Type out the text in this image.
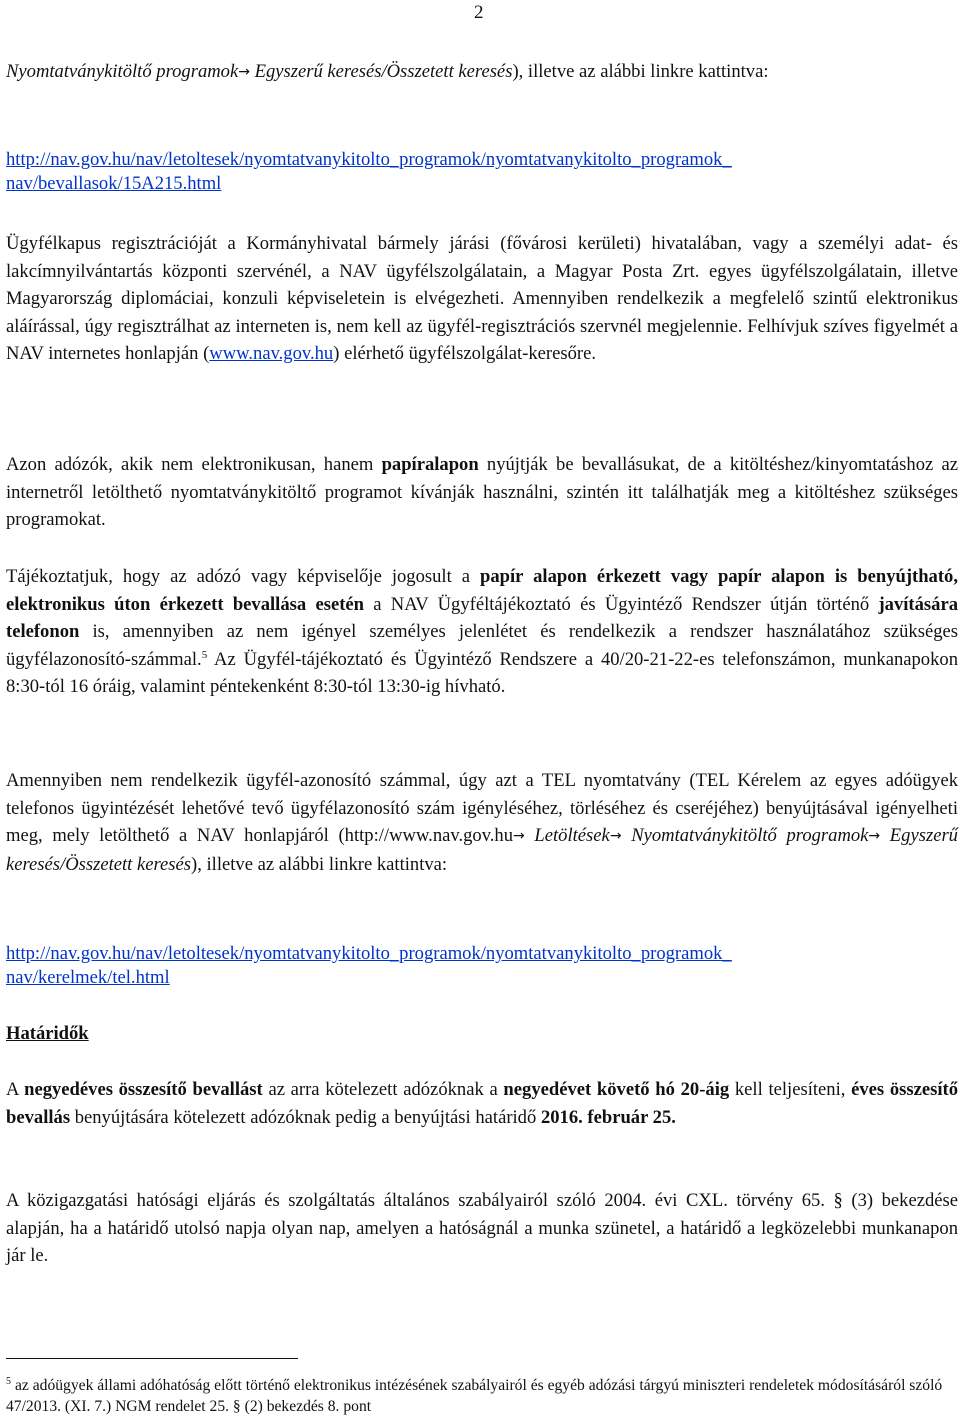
2

Nyomtatványkitöltő programok→ Egyszerű keresés/Összetett keresés), illetve az alábbi linkre kattintva:

http://nav.gov.hu/nav/letoltesek/nyomtatvanykitolto_programok/nyomtatvanykitolto_programok_
nav/bevallasok/15A215.html

Ügyfélkapus regisztrációját a Kormányhivatal bármely járási (fővárosi kerületi) hivatalában, vagy a személyi adat- és lakcímnyilvántartás központi szervénél, a NAV ügyfélszolgálatain, a Magyar Posta Zrt. egyes ügyfélszolgálatain, illetve Magyarország diplomáciai, konzuli képviseletein is elvégezheti. Amennyiben rendelkezik a megfelelő szintű elektronikus aláírással, úgy regisztrálhat az interneten is, nem kell az ügyfél-regisztrációs szervnél megjelennie. Felhívjuk szíves figyelmét a NAV internetes honlapján (www.nav.gov.hu) elérhető ügyfélszolgálat-keresőre.

Azon adózók, akik nem elektronikusan, hanem papíralapon nyújtják be bevallásukat, de a kitöltéshez/kinyomtatáshoz az internetről letölthető nyomtatványkitöltő programot kívánják használni, szintén itt találhatják meg a kitöltéshez szükséges programokat.

Tájékoztatjuk, hogy az adózó vagy képviselője jogosult a papír alapon érkezett vagy papír alapon is benyújtható, elektronikus úton érkezett bevallása esetén a NAV Ügyféltájékoztató és Ügyintéző Rendszer útján történő javítására telefonon is, amennyiben az nem igényel személyes jelenlétet és rendelkezik a rendszer használatához szükséges ügyfélazonosító-számmal.$^5$ Az Ügyfél-tájékoztató és Ügyintéző Rendszere a 40/20-21-22-es telefonszámon, munkanapokon 8:30-tól 16 óráig, valamint péntekenként 8:30-tól 13:30-ig hívható.

Amennyiben nem rendelkezik ügyfél-azonosító számmal, úgy azt a TEL nyomtatvány (TEL Kérelem az egyes adóügyek telefonos ügyintézését lehetővé tevő ügyfélazonosító szám igényléséhez, törléséhez és cseréjéhez) benyújtásával igényelheti meg, mely letölthető a NAV honlapjáról (http://www.nav.gov.hu→ Letöltések→ Nyomtatványkitöltő programok→ Egyszerű keresés/Összetett keresés), illetve az alábbi linkre kattintva:

http://nav.gov.hu/nav/letoltesek/nyomtatvanykitolto_programok/nyomtatvanykitolto_programok_
nav/kerelmek/tel.html

Határidők

A negyedéves összesítő bevallást az arra kötelezett adózóknak a negyedévet követő hó 20-áig kell teljesíteni, éves összesítő bevallás benyújtására kötelezett adózóknak pedig a benyújtási határidő 2016. február 25.

A közigazgatási hatósági eljárás és szolgáltatás általános szabályairól szóló 2004. évi CXL. törvény 65. § (3) bekezdése alapján, ha a határidő utolsó napja olyan nap, amelyen a hatóságnál a munka szünetel, a határidő a legközelebbi munkanapon jár le.

$^5$ az adóügyek állami adóhatóság előtt történő elektronikus intézésének szabályairól és egyéb adózási tárgyú miniszteri rendeletek módosításáról szóló 47/2013. (XI. 7.) NGM rendelet 25. § (2) bekezdés 8. pont
